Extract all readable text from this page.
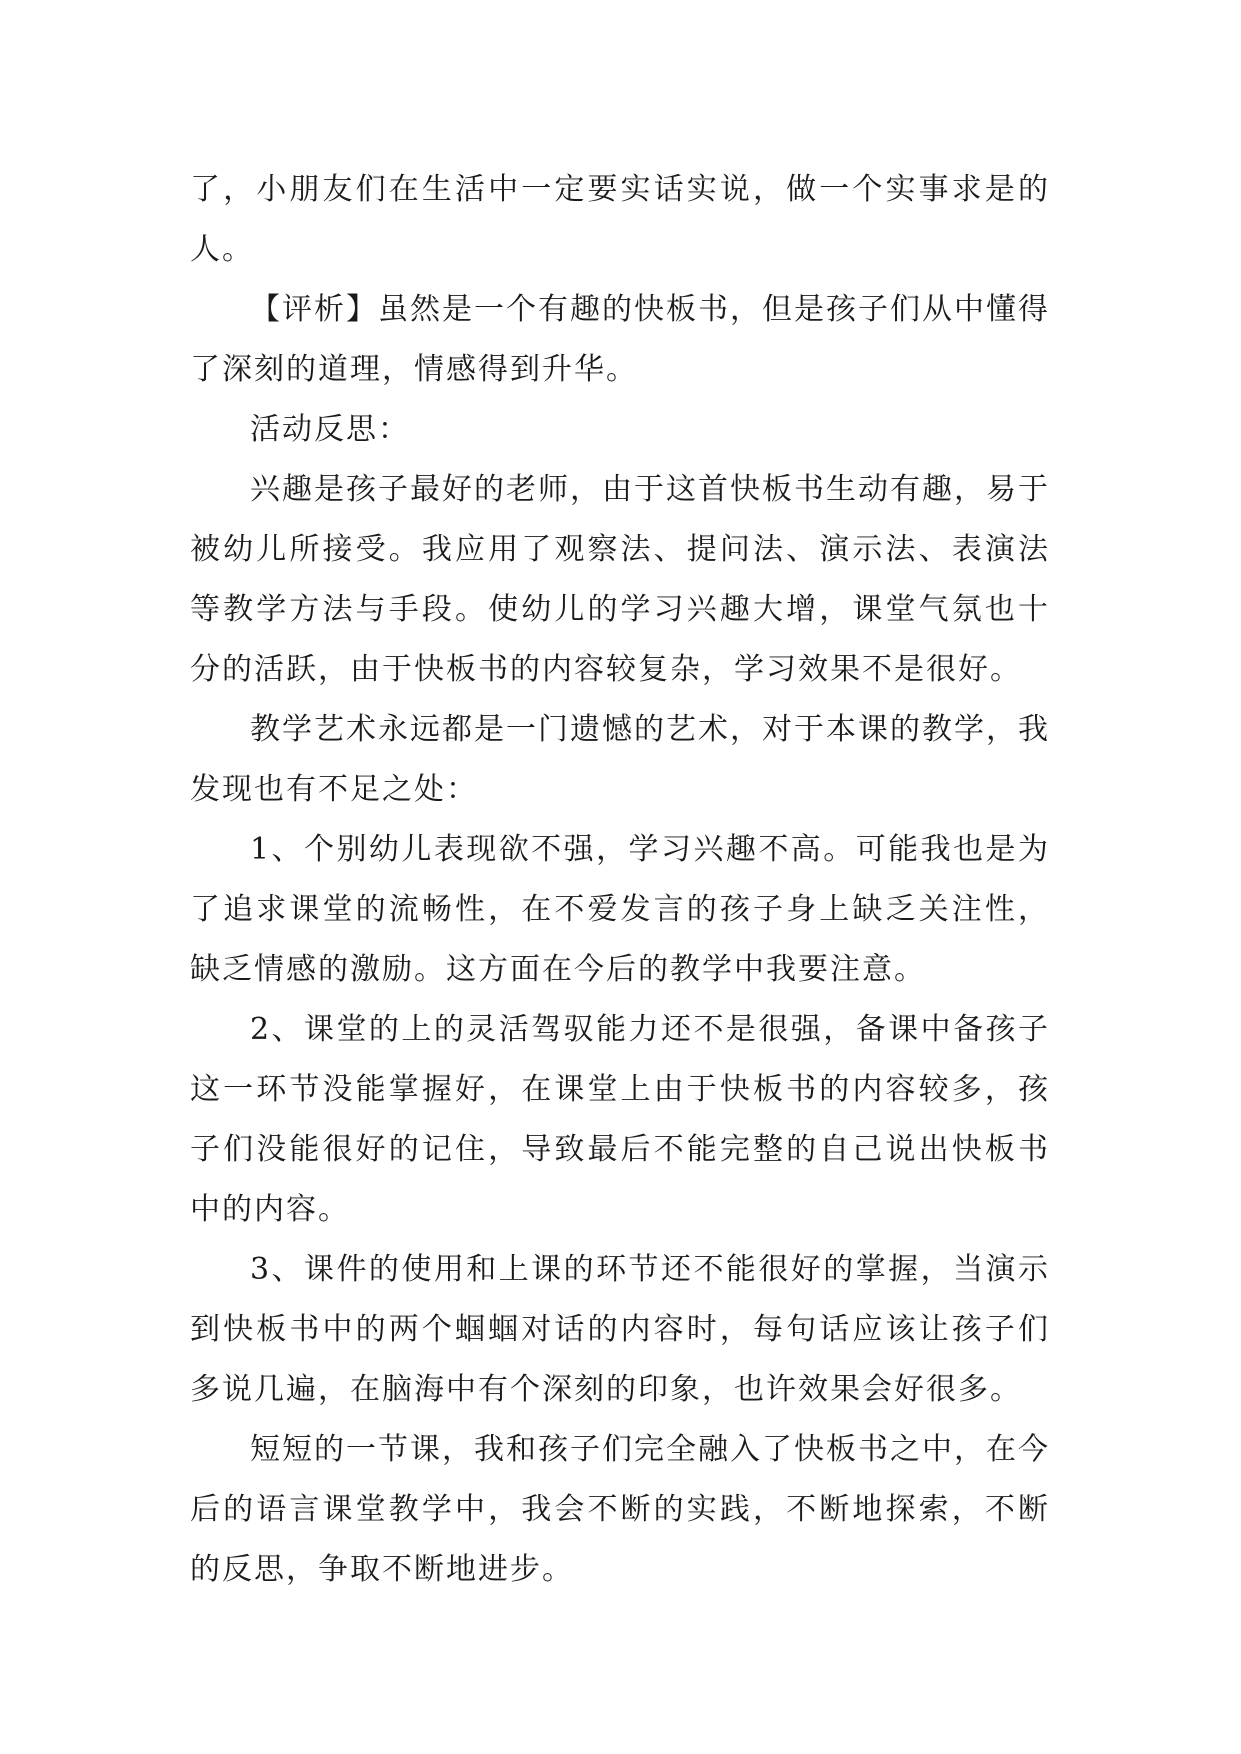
了，小朋友们在生活中一定要实话实说，做一个实事求是的人。

【评析】虽然是一个有趣的快板书，但是孩子们从中懂得了深刻的道理，情感得到升华。

活动反思：

兴趣是孩子最好的老师，由于这首快板书生动有趣，易于被幼儿所接受。我应用了观察法、提问法、演示法、表演法等教学方法与手段。使幼儿的学习兴趣大增，课堂气氛也十分的活跃，由于快板书的内容较复杂，学习效果不是很好。

教学艺术永远都是一门遗憾的艺术，对于本课的教学，我发现也有不足之处：

1、个别幼儿表现欲不强，学习兴趣不高。可能我也是为了追求课堂的流畅性，在不爱发言的孩子身上缺乏关注性，缺乏情感的激励。这方面在今后的教学中我要注意。

2、课堂的上的灵活驾驭能力还不是很强，备课中备孩子这一环节没能掌握好，在课堂上由于快板书的内容较多，孩子们没能很好的记住，导致最后不能完整的自己说出快板书中的内容。

3、课件的使用和上课的环节还不能很好的掌握，当演示到快板书中的两个蝈蝈对话的内容时，每句话应该让孩子们多说几遍，在脑海中有个深刻的印象，也许效果会好很多。

短短的一节课，我和孩子们完全融入了快板书之中，在今后的语言课堂教学中，我会不断的实践，不断地探索，不断的反思，争取不断地进步。
